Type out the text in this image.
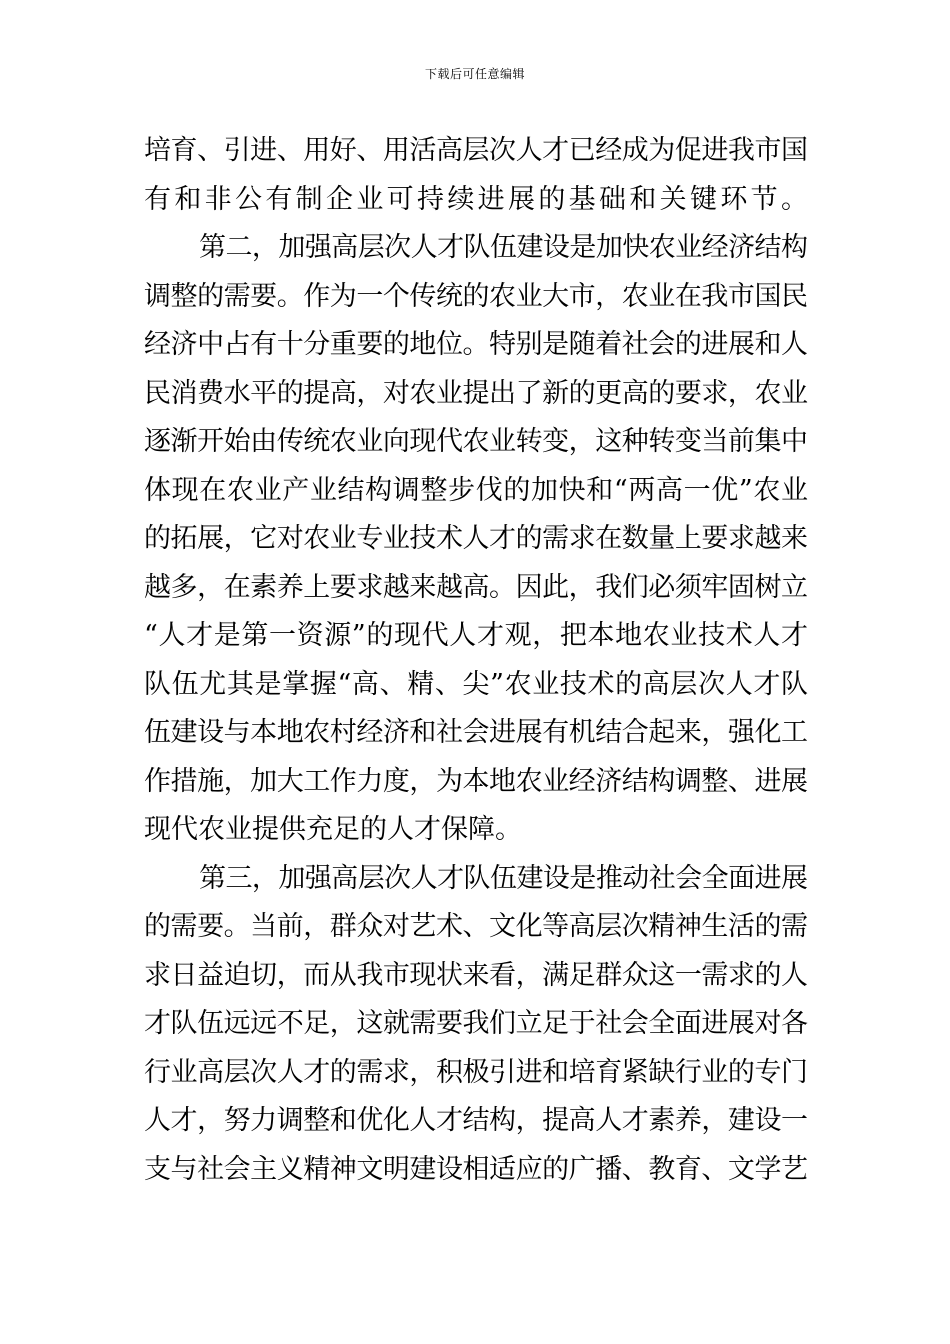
下载后可任意编辑
培育、引进、用好、用活高层次人才已经成为促进我市国
有和非公有制企业可持续进展的基础和关键环节。
第二，加强高层次人才队伍建设是加快农业经济结构
调整的需要。作为一个传统的农业大市，农业在我市国民
经济中占有十分重要的地位。特别是随着社会的进展和人
民消费水平的提高，对农业提出了新的更高的要求，农业
逐渐开始由传统农业向现代农业转变，这种转变当前集中
体现在农业产业结构调整步伐的加快和“两高一优”农业
的拓展，它对农业专业技术人才的需求在数量上要求越来
越多，在素养上要求越来越高。因此，我们必须牢固树立
“人才是第一资源”的现代人才观，把本地农业技术人才
队伍尤其是掌握“高、精、尖”农业技术的高层次人才队
伍建设与本地农村经济和社会进展有机结合起来，强化工
作措施，加大工作力度，为本地农业经济结构调整、进展
现代农业提供充足的人才保障。
第三，加强高层次人才队伍建设是推动社会全面进展
的需要。当前，群众对艺术、文化等高层次精神生活的需
求日益迫切，而从我市现状来看，满足群众这一需求的人
才队伍远远不足，这就需要我们立足于社会全面进展对各
行业高层次人才的需求，积极引进和培育紧缺行业的专门
人才，努力调整和优化人才结构，提高人才素养，建设一
支与社会主义精神文明建设相适应的广播、教育、文学艺
